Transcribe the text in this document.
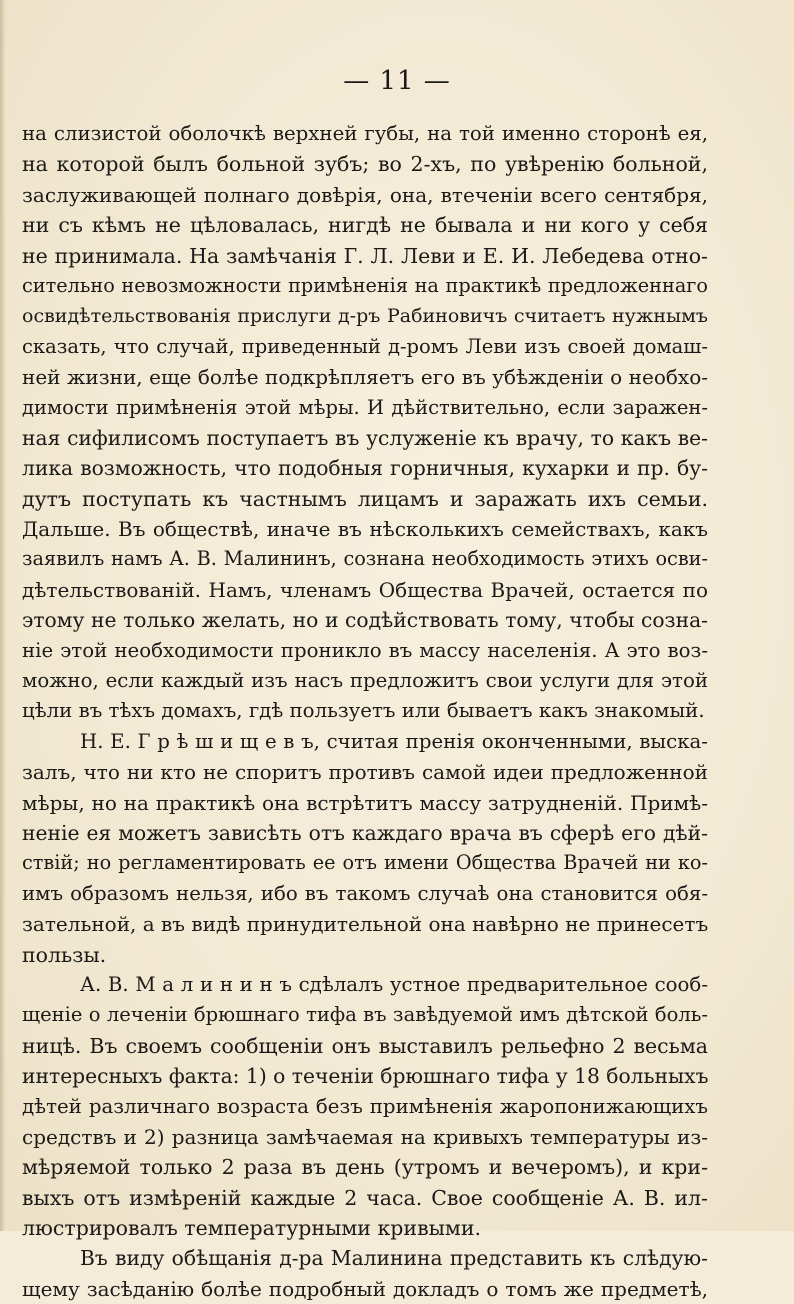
— 11 —
на слизистой оболочкѣ верхней губы, на той именно сторонѣ ея,
на которой былъ больной зубъ; во 2-хъ, по увѣренію больной,
заслуживающей полнаго довѣрія, она, втеченіи всего сентября,
ни съ кѣмъ не цѣловалась, нигдѣ не бывала и ни кого у себя
не принимала. На замѣчанія Г. Л. Леви и Е. И. Лебедева отно-
сительно невозможности примѣненія на практикѣ предложеннаго
освидѣтельствованія прислуги д-ръ Рабиновичъ считаетъ нужнымъ
сказать, что случай, приведенный д-ромъ Леви изъ своей домаш-
ней жизни, еще болѣе подкрѣпляетъ его въ убѣжденіи о необхо-
димости примѣненія этой мѣры. И дѣйствительно, если заражен-
ная сифилисомъ поступаетъ въ услуженіе къ врачу, то какъ ве-
лика возможность, что подобныя горничныя, кухарки и пр. бу-
дутъ поступать къ частнымъ лицамъ и заражать ихъ семьи.
Дальше. Въ обществѣ, иначе въ нѣсколькихъ семействахъ, какъ
заявилъ намъ А. В. Малининъ, сознана необходимость этихъ осви-
дѣтельствованій. Намъ, членамъ Общества Врачей, остается по
этому не только желать, но и содѣйствовать тому, чтобы созна-
ніе этой необходимости проникло въ массу населенія. А это воз-
можно, если каждый изъ насъ предложитъ свои услуги для этой
цѣли въ тѣхъ домахъ, гдѣ пользуетъ или бываетъ какъ знакомый.
Н. Е. Г р ѣ ш и щ е в ъ, считая пренія оконченными, выска-
залъ, что ни кто не споритъ противъ самой идеи предложенной
мѣры, но на практикѣ она встрѣтитъ массу затрудненій. Примѣ-
неніе ея можетъ зависѣть отъ каждаго врача въ сферѣ его дѣй-
ствій; но регламентировать ее отъ имени Общества Врачей ни ко-
имъ образомъ нельзя, ибо въ такомъ случаѣ она становится обя-
зательной, а въ видѣ принудительной она навѣрно не принесетъ
пользы.
А. В. М а л и н и н ъ сдѣлалъ устное предварительное сооб-
щеніе о леченіи брюшнаго тифа въ завѣдуемой имъ дѣтской боль-
ницѣ. Въ своемъ сообщеніи онъ выставилъ рельефно 2 весьма
интересныхъ факта: 1) о теченіи брюшнаго тифа у 18 больныхъ
дѣтей различнаго возраста безъ примѣненія жаропонижающихъ
средствъ и 2) разница замѣчаемая на кривыхъ температуры из-
мѣряемой только 2 раза въ день (утромъ и вечеромъ), и кри-
выхъ отъ измѣреній каждые 2 часа. Свое сообщеніе А. В. ил-
люстрировалъ температурными кривыми.
Въ виду обѣщанія д-ра Малинина представить къ слѣдую-
щему засѣданію болѣе подробный докладъ о томъ же предметѣ,
